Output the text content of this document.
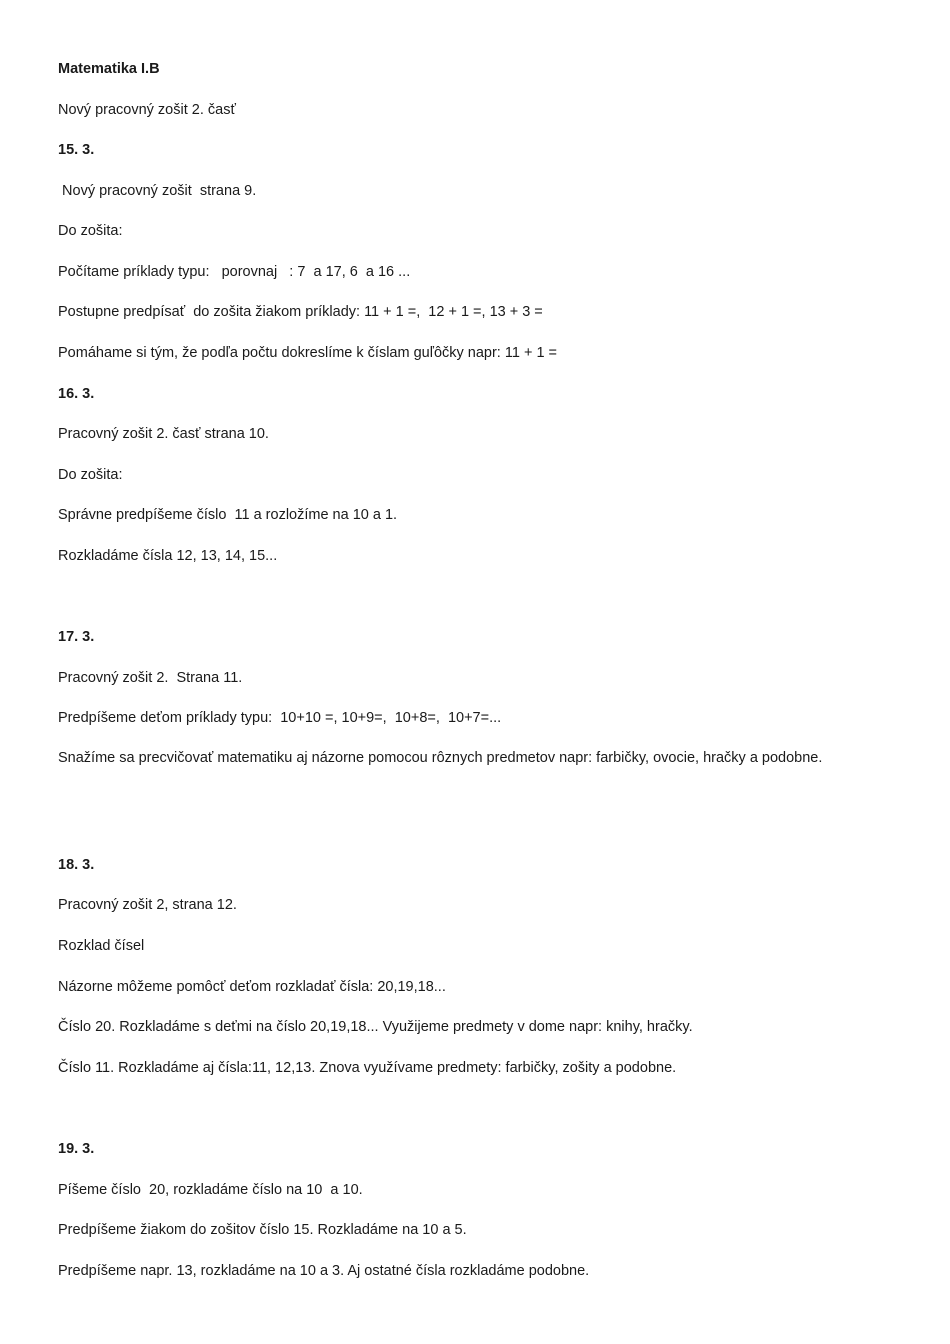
Matematika I.B

Nový pracovný zošit 2. časť

15. 3.

Nový pracovný zošit  strana 9.

Do zošita:

Počítame príklady typu:   porovnaj   : 7  a 17, 6  a 16 ...

Postupne predpísať  do zošita žiakom príklady: 11 + 1 =,  12 + 1 =, 13 + 3 =

Pomáhame si tým, že podľa počtu dokreslíme k číslam guľôčky napr: 11 + 1 =

16. 3.

Pracovný zošit 2. časť strana 10.

Do zošita:

Správne predpíšeme číslo  11 a rozložíme na 10 a 1.

Rozkladáme čísla 12, 13, 14, 15...

17. 3.

Pracovný zošit 2.  Strana 11.

Predpíšeme deťom príklady typu:  10+10 =, 10+9=,  10+8=,  10+7=...

Snažíme sa precvičovať matematiku aj názorne pomocou rôznych predmetov napr: farbičky, ovocie, hračky a podobne.

18. 3.

Pracovný zošit 2, strana 12.

Rozklad čísel

Názorne môžeme pomôcť deťom rozkladať čísla: 20,19,18...

Číslo 20. Rozkladáme s deťmi na číslo 20,19,18... Využijeme predmety v dome napr: knihy, hračky.

Číslo 11. Rozkladáme aj čísla:11, 12,13. Znova využívame predmety: farbičky, zošity a podobne.

19. 3.

Píšeme číslo  20, rozkladáme číslo na 10  a 10.

Predpíšeme žiakom do zošitov číslo 15. Rozkladáme na 10 a 5.

Predpíšeme napr. 13, rozkladáme na 10 a 3. Aj ostatné čísla rozkladáme podobne.
